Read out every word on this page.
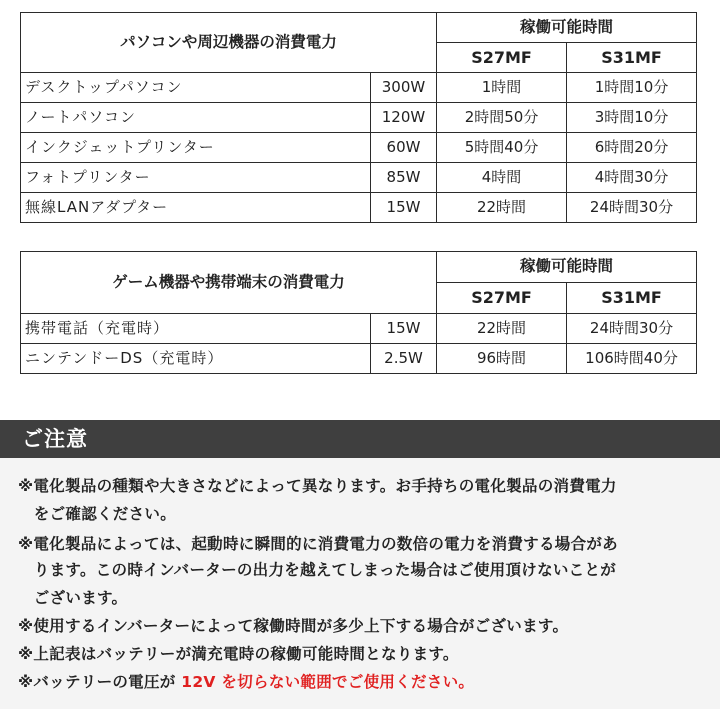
パソコンや周辺機器の消費電力		稼働可能時間	
		S27MF	S31MF
デスクトップパソコン	300W	1時間	1時間10分
ノートパソコン	120W	2時間50分	3時間10分
インクジェットプリンター	60W	5時間40分	6時間20分
フォトプリンター	85W	4時間	4時間30分
無線LANアダプター	15W	22時間	24時間30分
ゲーム機器や携帯端末の消費電力		稼働可能時間	
		S27MF	S31MF
携帯電話（充電時）	15W	22時間	24時間30分
ニンテンドーDS（充電時）	2.5W	96時間	106時間40分
ご注意
※電化製品の種類や大きさなどによって異なります。お手持ちの電化製品の消費電力
　をご確認ください。
※電化製品によっては、起動時に瞬間的に消費電力の数倍の電力を消費する場合があ
　ります。この時インバーターの出力を越えてしまった場合はご使用頂けないことが
　ございます。
※使用するインバーターによって稼働時間が多少上下する場合がございます。
※上記表はバッテリーが満充電時の稼働可能時間となります。
※バッテリーの電圧が 12V を切らない範囲でご使用ください。
